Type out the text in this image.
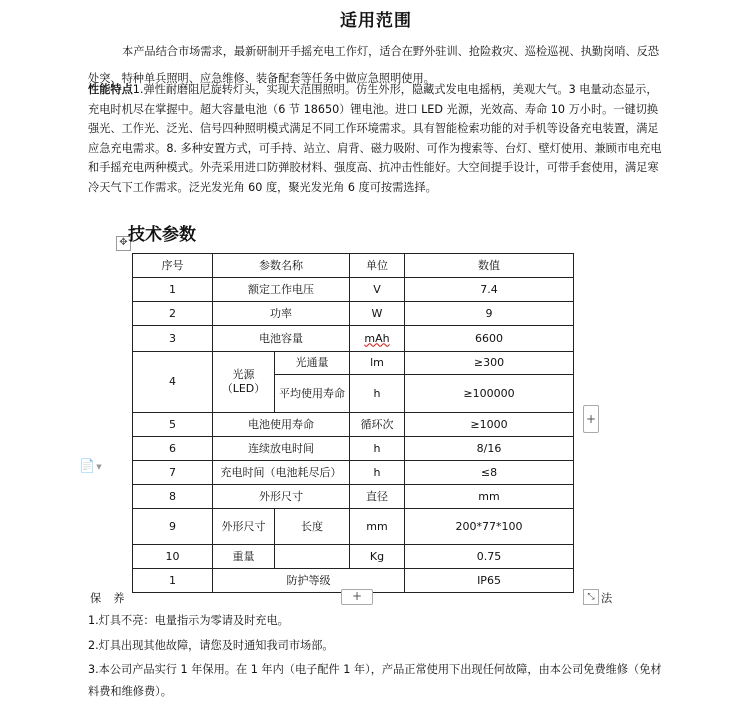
适用范围
本产品结合市场需求，最新研制开手摇充电工作灯，适合在野外驻训、抢险救灾、巡检巡视、执勤岗哨、反恐处突、特种单兵照明、应急维修、装备配套等任务中做应急照明使用。
性能特点1.弹性耐磨阻尼旋转灯头，实现大范围照明。仿生外形，隐藏式发电电摇柄，美观大气。3 电量动态显示，充电时机尽在掌握中。超大容量电池（6 节 18650）锂电池。进口 LED 光源，光效高、寿命 10 万小时。一键切换强光、工作光、泛光、信号四种照明模式满足不同工作环境需求。具有智能检索功能的对手机等设备充电装置，满足应急充电需求。8. 多种安置方式，可手持、站立、肩背、磁力吸附、可作为搜索等、台灯、壁灯使用、兼顾市电充电和手摇充电两种模式。外壳采用进口防弹胶材料、强度高、抗冲击性能好。大空间提手设计，可带手套使用，满足寒冷天气下工作需求。泛光发光角 60 度，聚光发光角 6 度可按需选择。
✥ 技术参数
序号	参数名称		单位	数值
1	额定工作电压		V	7.4
2	功率		W	9
3	电池容量		mAh	6600
4	光源（LED）	光通量	lm	≥300
		平均使用寿命	h	≥100000
5	电池使用寿命		循环次	≥1000
6	连续放电时间		h	8/16
7	充电时间（电池耗尽后）		h	≤8
8	外形尺寸		直径	mm
9	外形尺寸	长度	mm	200*77*100
10	重量		Kg	0.75
1	防护等级			IP65
+
📄▼
保养	+	⤡ 法
1.灯具不亮：电量指示为零请及时充电。
2.灯具出现其他故障，请您及时通知我司市场部。
3.本公司产品实行 1 年保用。在 1 年内（电子配件 1 年），产品正常使用下出现任何故障，由本公司免费维修（免材料费和维修费）。
